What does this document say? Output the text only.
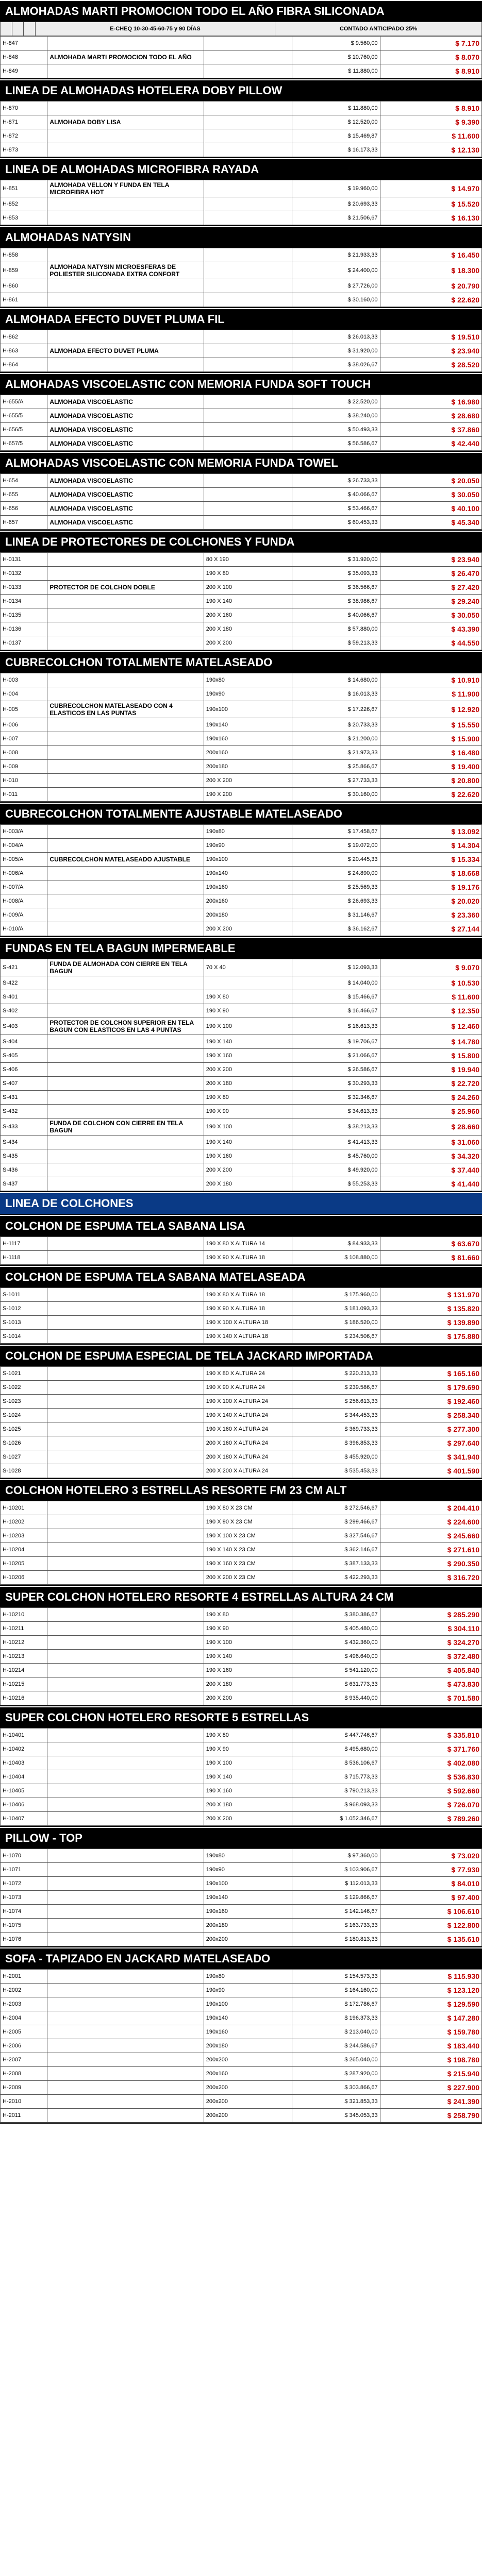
ALMOHADAS MARTI PROMOCION TODO EL AÑO FIBRA SILICONADA
			E-CHEQ 10-30-45-60-75 y 90 DÍAS	CONTADO ANTICIPADO 25%
H-847			$ 9.560,00	$ 7.170
H-848	ALMOHADA MARTI PROMOCION TODO EL AÑO		$ 10.760,00	$ 8.070
H-849			$ 11.880,00	$ 8.910
LINEA DE ALMOHADAS HOTELERA DOBY PILLOW
H-870			$ 11.880,00	$ 8.910
H-871	ALMOHADA DOBY LISA		$ 12.520,00	$ 9.390
H-872			$ 15.469,87	$ 11.600
H-873			$ 16.173,33	$ 12.130
LINEA DE ALMOHADAS MICROFIBRA RAYADA
H-851	ALMOHADA VELLON Y FUNDA EN TELA MICROFIBRA HOT		$ 19.960,00	$ 14.970
H-852			$ 20.693,33	$ 15.520
H-853			$ 21.506,67	$ 16.130
ALMOHADAS NATYSIN
H-858			$ 21.933,33	$ 16.450
H-859	ALMOHADA NATYSIN MICROESFERAS DE POLIESTER SILICONADA EXTRA CONFORT		$ 24.400,00	$ 18.300
H-860			$ 27.726,00	$ 20.790
H-861			$ 30.160,00	$ 22.620
ALMOHADA EFECTO DUVET PLUMA FIL
H-862			$ 26.013,33	$ 19.510
H-863	ALMOHADA EFECTO DUVET PLUMA		$ 31.920,00	$ 23.940
H-864			$ 38.026,67	$ 28.520
ALMOHADAS VISCOELASTIC CON MEMORIA FUNDA SOFT TOUCH
H-655/A	ALMOHADA VISCOELASTIC		$ 22.520,00	$ 16.980
H-655/5	ALMOHADA VISCOELASTIC		$ 38.240,00	$ 28.680
H-656/5	ALMOHADA VISCOELASTIC		$ 50.493,33	$ 37.860
H-657/5	ALMOHADA VISCOELASTIC		$ 56.586,67	$ 42.440
ALMOHADAS VISCOELASTIC CON MEMORIA FUNDA TOWEL
H-654	ALMOHADA VISCOELASTIC		$ 26.733,33	$ 20.050
H-655	ALMOHADA VISCOELASTIC		$ 40.066,67	$ 30.050
H-656	ALMOHADA VISCOELASTIC		$ 53.466,67	$ 40.100
H-657	ALMOHADA VISCOELASTIC		$ 60.453,33	$ 45.340
LINEA DE PROTECTORES DE COLCHONES Y FUNDA
H-0131		80 X 190	$ 31.920,00	$ 23.940
H-0132		190 X 80	$ 35.093,33	$ 26.470
H-0133	PROTECTOR DE COLCHON DOBLE	200 X 100	$ 36.566,67	$ 27.420
H-0134		190 X 140	$ 38.986,67	$ 29.240
H-0135		200 X 160	$ 40.066,67	$ 30.050
H-0136		200 X 180	$ 57.880,00	$ 43.390
H-0137		200 X 200	$ 59.213,33	$ 44.550
CUBRECOLCHON TOTALMENTE MATELASEADO
H-003		190x80	$ 14.680,00	$ 10.910
H-004		190x90	$ 16.013,33	$ 11.900
H-005	CUBRECOLCHON MATELASEADO CON 4 ELASTICOS EN LAS PUNTAS	190x100	$ 17.226,67	$ 12.920
H-006		190x140	$ 20.733,33	$ 15.550
H-007		190x160	$ 21.200,00	$ 15.900
H-008		200x160	$ 21.973,33	$ 16.480
H-009		200x180	$ 25.866,67	$ 19.400
H-010		200 X 200	$ 27.733,33	$ 20.800
H-011		190 X 200	$ 30.160,00	$ 22.620
CUBRECOLCHON TOTALMENTE AJUSTABLE MATELASEADO
H-003/A		190x80	$ 17.458,67	$ 13.092
H-004/A		190x90	$ 19.072,00	$ 14.304
H-005/A	CUBRECOLCHON MATELASEADO AJUSTABLE	190x100	$ 20.445,33	$ 15.334
H-006/A		190x140	$ 24.890,00	$ 18.668
H-007/A		190x160	$ 25.569,33	$ 19.176
H-008/A		200x160	$ 26.693,33	$ 20.020
H-009/A		200x180	$ 31.146,67	$ 23.360
H-010/A		200 X 200	$ 36.162,67	$ 27.144
FUNDAS EN TELA BAGUN IMPERMEABLE
S-421	FUNDA DE ALMOHADA CON CIERRE EN TELA BAGUN	70 X 40	$ 12.093,33	$ 9.070
S-422			$ 14.040,00	$ 10.530
S-401		190 X 80	$ 15.466,67	$ 11.600
S-402		190 X 90	$ 16.466,67	$ 12.350
S-403	PROTECTOR DE COLCHON SUPERIOR EN TELA BAGUN CON ELASTICOS EN LAS 4 PUNTAS	190 X 100	$ 16.613,33	$ 12.460
S-404		190 X 140	$ 19.706,67	$ 14.780
S-405		190 X 160	$ 21.066,67	$ 15.800
S-406		200 X 200	$ 26.586,67	$ 19.940
S-407		200 X 180	$ 30.293,33	$ 22.720
S-431		190 X 80	$ 32.346,67	$ 24.260
S-432		190 X 90	$ 34.613,33	$ 25.960
S-433	FUNDA DE COLCHON CON CIERRE EN TELA BAGUN	190 X 100	$ 38.213,33	$ 28.660
S-434		190 X 140	$ 41.413,33	$ 31.060
S-435		190 X 160	$ 45.760,00	$ 34.320
S-436		200 X 200	$ 49.920,00	$ 37.440
S-437		200 X 180	$ 55.253,33	$ 41.440
LINEA DE COLCHONES
COLCHON DE ESPUMA TELA SABANA LISA
H-1117		190 X 80 X ALTURA 14	$ 84.933,33	$ 63.670
H-1118		190 X 90 X ALTURA 18	$ 108.880,00	$ 81.660
COLCHON DE ESPUMA TELA SABANA MATELASEADA
S-1011		190 X 80 X ALTURA 18	$ 175.960,00	$ 131.970
S-1012		190 X 90 X ALTURA 18	$ 181.093,33	$ 135.820
S-1013		190 X 100 X ALTURA 18	$ 186.520,00	$ 139.890
S-1014		190 X 140 X ALTURA 18	$ 234.506,67	$ 175.880
COLCHON DE ESPUMA ESPECIAL DE TELA JACKARD IMPORTADA
S-1021		190 X 80 X ALTURA 24	$ 220.213,33	$ 165.160
S-1022		190 X 90 X ALTURA 24	$ 239.586,67	$ 179.690
S-1023		190 X 100 X ALTURA 24	$ 256.613,33	$ 192.460
S-1024		190 X 140 X ALTURA 24	$ 344.453,33	$ 258.340
S-1025		190 X 160 X ALTURA 24	$ 369.733,33	$ 277.300
S-1026		200 X 160 X ALTURA 24	$ 396.853,33	$ 297.640
S-1027		200 X 180 X ALTURA 24	$ 455.920,00	$ 341.940
S-1028		200 X 200 X ALTURA 24	$ 535.453,33	$ 401.590
COLCHON HOTELERO 3 ESTRELLAS RESORTE FM 23 CM ALT
H-10201		190 X 80 X 23 CM	$ 272.546,67	$ 204.410
H-10202		190 X 90 X 23 CM	$ 299.466,67	$ 224.600
H-10203		190 X 100 X 23 CM	$ 327.546,67	$ 245.660
H-10204		190 X 140 X 23 CM	$ 362.146,67	$ 271.610
H-10205		190 X 160 X 23 CM	$ 387.133,33	$ 290.350
H-10206		200 X 200 X 23 CM	$ 422.293,33	$ 316.720
SUPER COLCHON HOTELERO RESORTE 4 ESTRELLAS ALTURA 24 CM
H-10210		190 X 80	$ 380.386,67	$ 285.290
H-10211		190 X 90	$ 405.480,00	$ 304.110
H-10212		190 X 100	$ 432.360,00	$ 324.270
H-10213		190 X 140	$ 496.640,00	$ 372.480
H-10214		190 X 160	$ 541.120,00	$ 405.840
H-10215		200 X 180	$ 631.773,33	$ 473.830
H-10216		200 X 200	$ 935.440,00	$ 701.580
SUPER COLCHON HOTELERO RESORTE 5 ESTRELLAS
H-10401		190 X 80	$ 447.746,67	$ 335.810
H-10402		190 X 90	$ 495.680,00	$ 371.760
H-10403		190 X 100	$ 536.106,67	$ 402.080
H-10404		190 X 140	$ 715.773,33	$ 536.830
H-10405		190 X 160	$ 790.213,33	$ 592.660
H-10406		200 X 180	$ 968.093,33	$ 726.070
H-10407		200 X 200	$ 1.052.346,67	$ 789.260
PILLOW - TOP
H-1070		190x80	$ 97.360,00	$ 73.020
H-1071		190x90	$ 103.906,67	$ 77.930
H-1072		190x100	$ 112.013,33	$ 84.010
H-1073		190x140	$ 129.866,67	$ 97.400
H-1074		190x160	$ 142.146,67	$ 106.610
H-1075		200x180	$ 163.733,33	$ 122.800
H-1076		200x200	$ 180.813,33	$ 135.610
SOFA - TAPIZADO EN JACKARD MATELASEADO
H-2001		190x80	$ 154.573,33	$ 115.930
H-2002		190x90	$ 164.160,00	$ 123.120
H-2003		190x100	$ 172.786,67	$ 129.590
H-2004		190x140	$ 196.373,33	$ 147.280
H-2005		190x160	$ 213.040,00	$ 159.780
H-2006		200x180	$ 244.586,67	$ 183.440
H-2007		200x200	$ 265.040,00	$ 198.780
H-2008		200x160	$ 287.920,00	$ 215.940
H-2009		200x200	$ 303.866,67	$ 227.900
H-2010		200x200	$ 321.853,33	$ 241.390
H-2011		200x200	$ 345.053,33	$ 258.790
